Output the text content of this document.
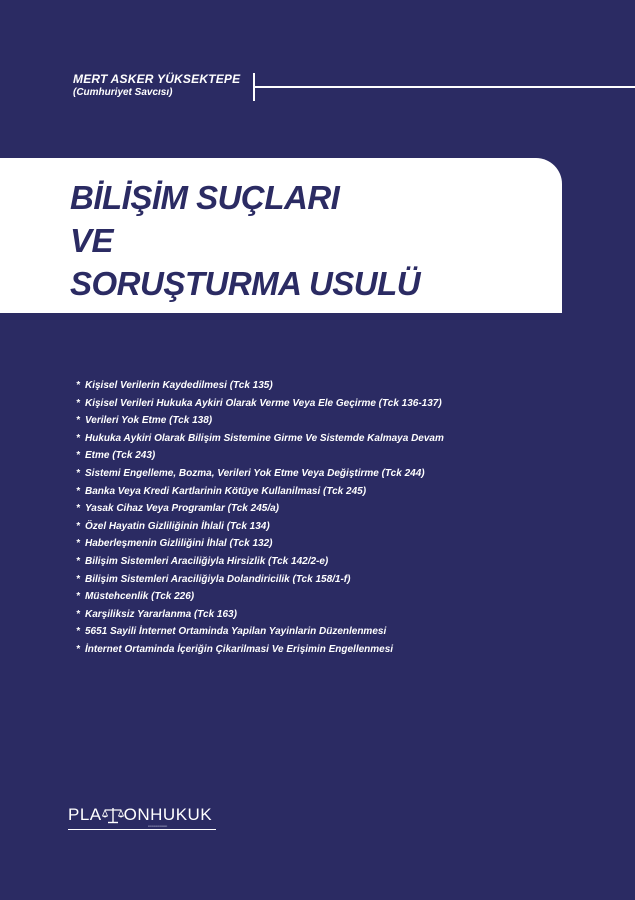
MERT ASKER YÜKSEKTEPE
(Cumhuriyet Savcısı)
BİLİŞİM SUÇLARI
VE
SORUŞTURMA USULÜ
* Kişisel Verilerin Kaydedilmesi (Tck 135)
* Kişisel Verileri Hukuka Aykiri Olarak Verme Veya Ele Geçirme (Tck 136-137)
* Verileri Yok Etme (Tck 138)
* Hukuka Aykiri Olarak Bilişim Sistemine Girme Ve Sistemde Kalmaya Devam
* Etme (Tck 243)
* Sistemi Engelleme, Bozma, Verileri Yok Etme Veya Değiştirme (Tck 244)
* Banka Veya Kredi Kartlarinin Kötüye Kullanilmasi (Tck 245)
* Yasak Cihaz Veya Programlar (Tck 245/a)
* Özel Hayatin Gizliliğinin İhlali (Tck 134)
* Haberleşmenin Gizliliğini İhlal (Tck 132)
* Bilişim Sistemleri Araciliğiyla Hirsizlik (Tck 142/2-e)
* Bilişim Sistemleri Araciliğiyla Dolandiricilik (Tck 158/1-f)
* Müstehcenlik (Tck 226)
* Karşiliksiz Yararlanma (Tck 163)
* 5651 Sayili İnternet Ortaminda Yapilan Yayinlarin Düzenlenmesi
* İnternet Ortaminda İçeriğin Çikarilmasi Ve Erişimin Engellenmesi
PLA ONHUKUK
▪▪▪▪▪▪▪▪▪▪▪▪▪▪▪▪▪▪
